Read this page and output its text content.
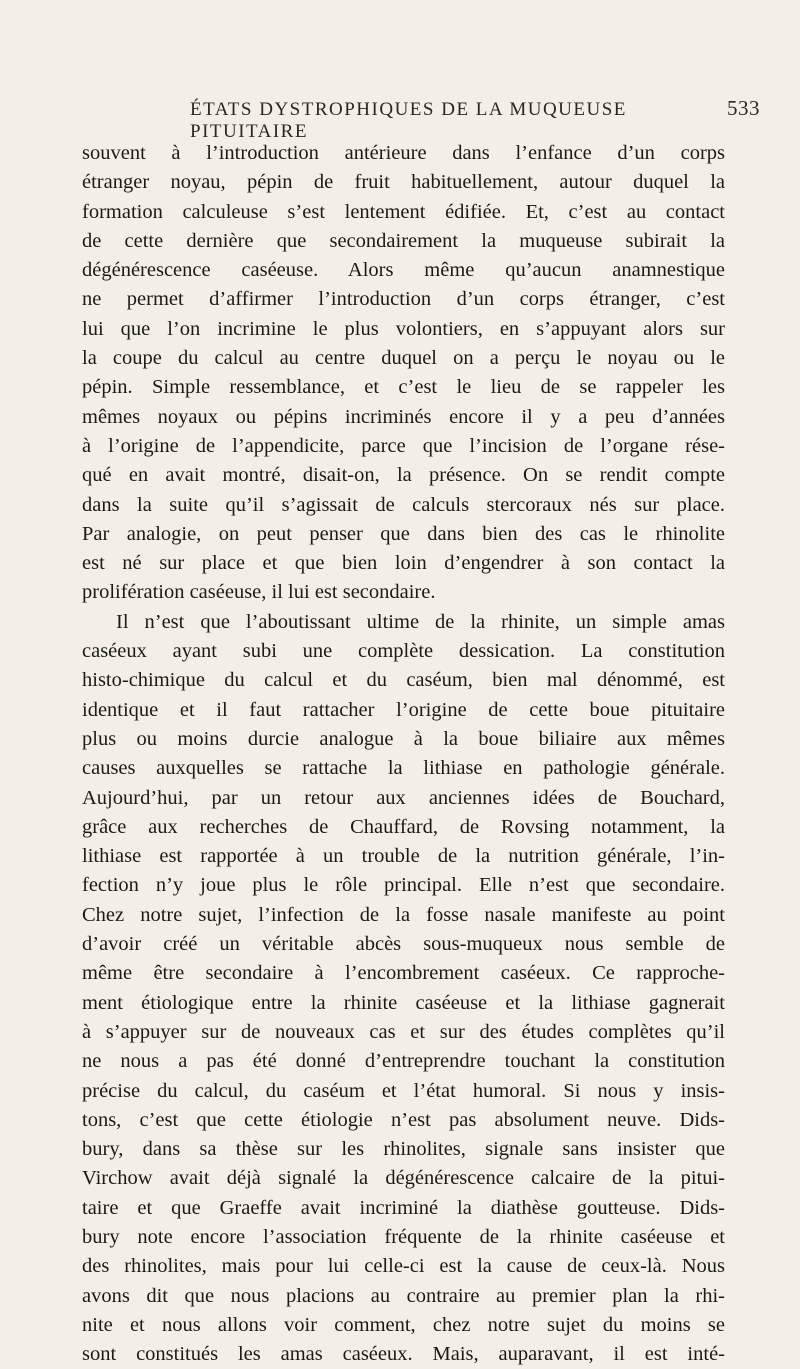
ÉTATS DYSTROPHIQUES DE LA MUQUEUSE PITUITAIRE
533
souvent à l’introduction antérieure dans l’enfance d’un corps
étranger noyau, pépin de fruit habituellement, autour duquel la
formation calculeuse s’est lentement édifiée. Et, c’est au contact
de cette dernière que secondairement la muqueuse subirait la
dégénérescence caséeuse. Alors même qu’aucun anamnestique
ne permet d’affirmer l’introduction d’un corps étranger, c’est
lui que l’on incrimine le plus volontiers, en s’appuyant alors sur
la coupe du calcul au centre duquel on a perçu le noyau ou le
pépin. Simple ressemblance, et c’est le lieu de se rappeler les
mêmes noyaux ou pépins incriminés encore il y a peu d’années
à l’origine de l’appendicite, parce que l’incision de l’organe rése-
qué en avait montré, disait-on, la présence. On se rendit compte
dans la suite qu’il s’agissait de calculs stercoraux nés sur place.
Par analogie, on peut penser que dans bien des cas le rhinolite
est né sur place et que bien loin d’engendrer à son contact la
prolifération caséeuse, il lui est secondaire.
Il n’est que l’aboutissant ultime de la rhinite, un simple amas
caséeux ayant subi une complète dessication. La constitution
histo-chimique du calcul et du caséum, bien mal dénommé, est
identique et il faut rattacher l’origine de cette boue pituitaire
plus ou moins durcie analogue à la boue biliaire aux mêmes
causes auxquelles se rattache la lithiase en pathologie générale.
Aujourd’hui, par un retour aux anciennes idées de Bouchard,
grâce aux recherches de Chauffard, de Rovsing notamment, la
lithiase est rapportée à un trouble de la nutrition générale, l’in-
fection n’y joue plus le rôle principal. Elle n’est que secondaire.
Chez notre sujet, l’infection de la fosse nasale manifeste au point
d’avoir créé un véritable abcès sous-muqueux nous semble de
même être secondaire à l’encombrement caséeux. Ce rapproche-
ment étiologique entre la rhinite caséeuse et la lithiase gagnerait
à s’appuyer sur de nouveaux cas et sur des études complètes qu’il
ne nous a pas été donné d’entreprendre touchant la constitution
précise du calcul, du caséum et l’état humoral. Si nous y insis-
tons, c’est que cette étiologie n’est pas absolument neuve. Dids-
bury, dans sa thèse sur les rhinolites, signale sans insister que
Virchow avait déjà signalé la dégénérescence calcaire de la pitui-
taire et que Graeffe avait incriminé la diathèse goutteuse. Dids-
bury note encore l’association fréquente de la rhinite caséeuse et
des rhinolites, mais pour lui celle-ci est la cause de ceux-là. Nous
avons dit que nous placions au contraire au premier plan la rhi-
nite et nous allons voir comment, chez notre sujet du moins se
sont constitués les amas caséeux. Mais, auparavant, il est inté-
